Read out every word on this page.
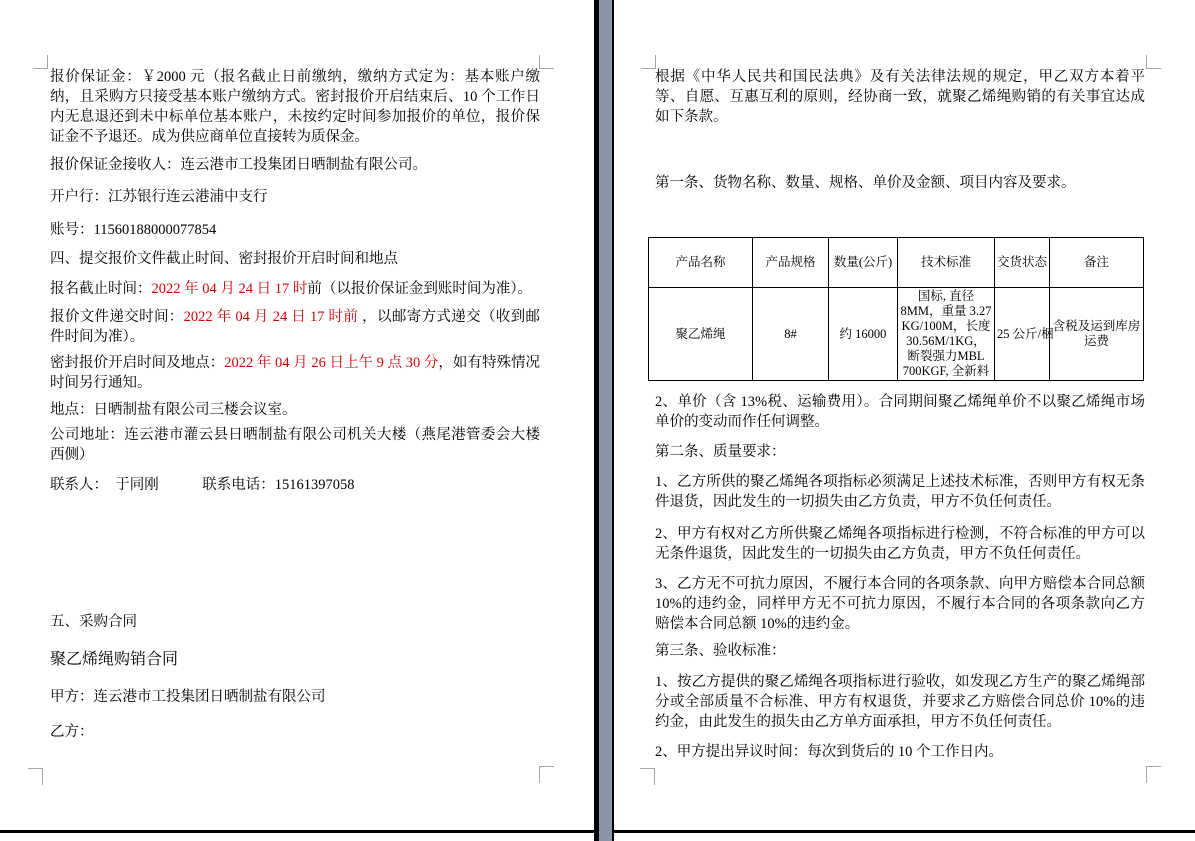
报价保证金：￥2000 元（报名截止日前缴纳，缴纳方式定为：基本账户缴纳，且采购方只接受基本账户缴纳方式。密封报价开启结束后、10 个工作日内无息退还到未中标单位基本账户，未按约定时间参加报价的单位，报价保证金不予退还。成为供应商单位直接转为质保金。

报价保证金接收人：连云港市工投集团日晒制盐有限公司。

开户行：江苏银行连云港浦中支行

账号：11560188000077854

四、提交报价文件截止时间、密封报价开启时间和地点

报名截止时间：2022 年 04 月 24 日 17 时前（以报价保证金到账时间为准）。

报价文件递交时间：2022 年 04 月 24 日 17 时前 ，以邮寄方式递交（收到邮件时间为准）。

密封报价开启时间及地点：2022 年 04 月 26 日上午 9 点 30 分，如有特殊情况时间另行通知。

地点：日晒制盐有限公司三楼会议室。

公司地址：连云港市灌云县日晒制盐有限公司机关大楼（燕尾港管委会大楼西侧）

联系人：　于同刚　　　联系电话：15161397058

五、采购合同

聚乙烯绳购销合同

甲方：连云港市工投集团日晒制盐有限公司

乙方：

根据《中华人民共和国民法典》及有关法律法规的规定，甲乙双方本着平等、自愿、互惠互利的原则，经协商一致，就聚乙烯绳购销的有关事宜达成如下条款。

第一条、货物名称、数量、规格、单价及金额、项目内容及要求。

产品名称	产品规格	数量(公斤)	技术标准	交货状态	备注
聚乙烯绳	8#	约 16000	国标, 直径 8MM，重量 3.27 KG/100M，长度 30.56M/1KG，断裂强力MBL 700KGF, 全新料	25 公斤/梱	含税及运到库房运费

2、单价（含 13%税、运输费用）。合同期间聚乙烯绳单价不以聚乙烯绳市场单价的变动而作任何调整。

第二条、质量要求：

1、乙方所供的聚乙烯绳各项指标必须满足上述技术标准，否则甲方有权无条件退货，因此发生的一切损失由乙方负责，甲方不负任何责任。

2、甲方有权对乙方所供聚乙烯绳各项指标进行检测，不符合标准的甲方可以无条件退货，因此发生的一切损失由乙方负责，甲方不负任何责任。

3、乙方无不可抗力原因，不履行本合同的各项条款、向甲方赔偿本合同总额 10%的违约金，同样甲方无不可抗力原因，不履行本合同的各项条款向乙方赔偿本合同总额 10%的违约金。

第三条、验收标准：

1、按乙方提供的聚乙烯绳各项指标进行验收，如发现乙方生产的聚乙烯绳部分或全部质量不合标准、甲方有权退货，并要求乙方赔偿合同总价 10%的违约金，由此发生的损失由乙方单方面承担，甲方不负任何责任。

2、甲方提出异议时间：每次到货后的 10 个工作日内。
